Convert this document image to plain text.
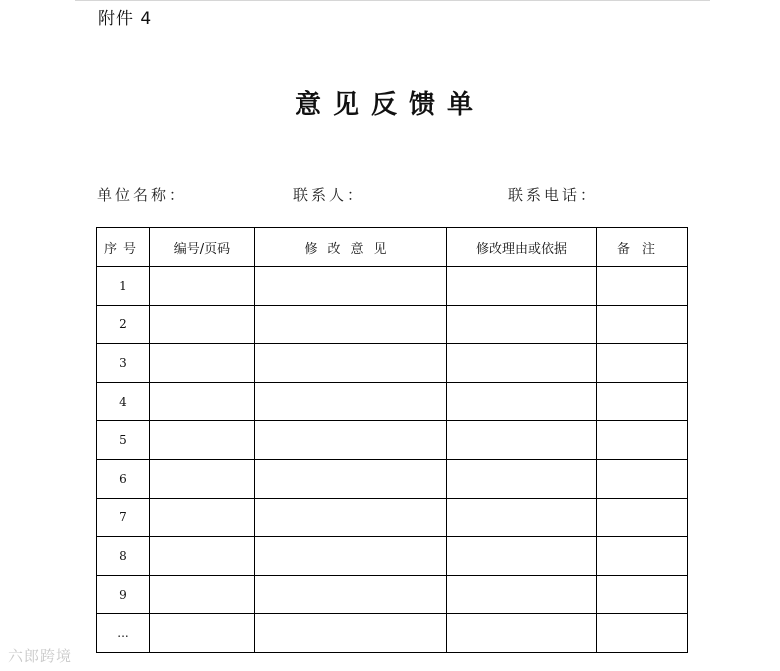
附件 4
意见反馈单
单位名称：	联系人：	联系电话：
序号	编号/页码	修改意见	修改理由或依据	备注
1				
2				
3				
4				
5				
6				
7				
8				
9				
...				
六郎跨境
